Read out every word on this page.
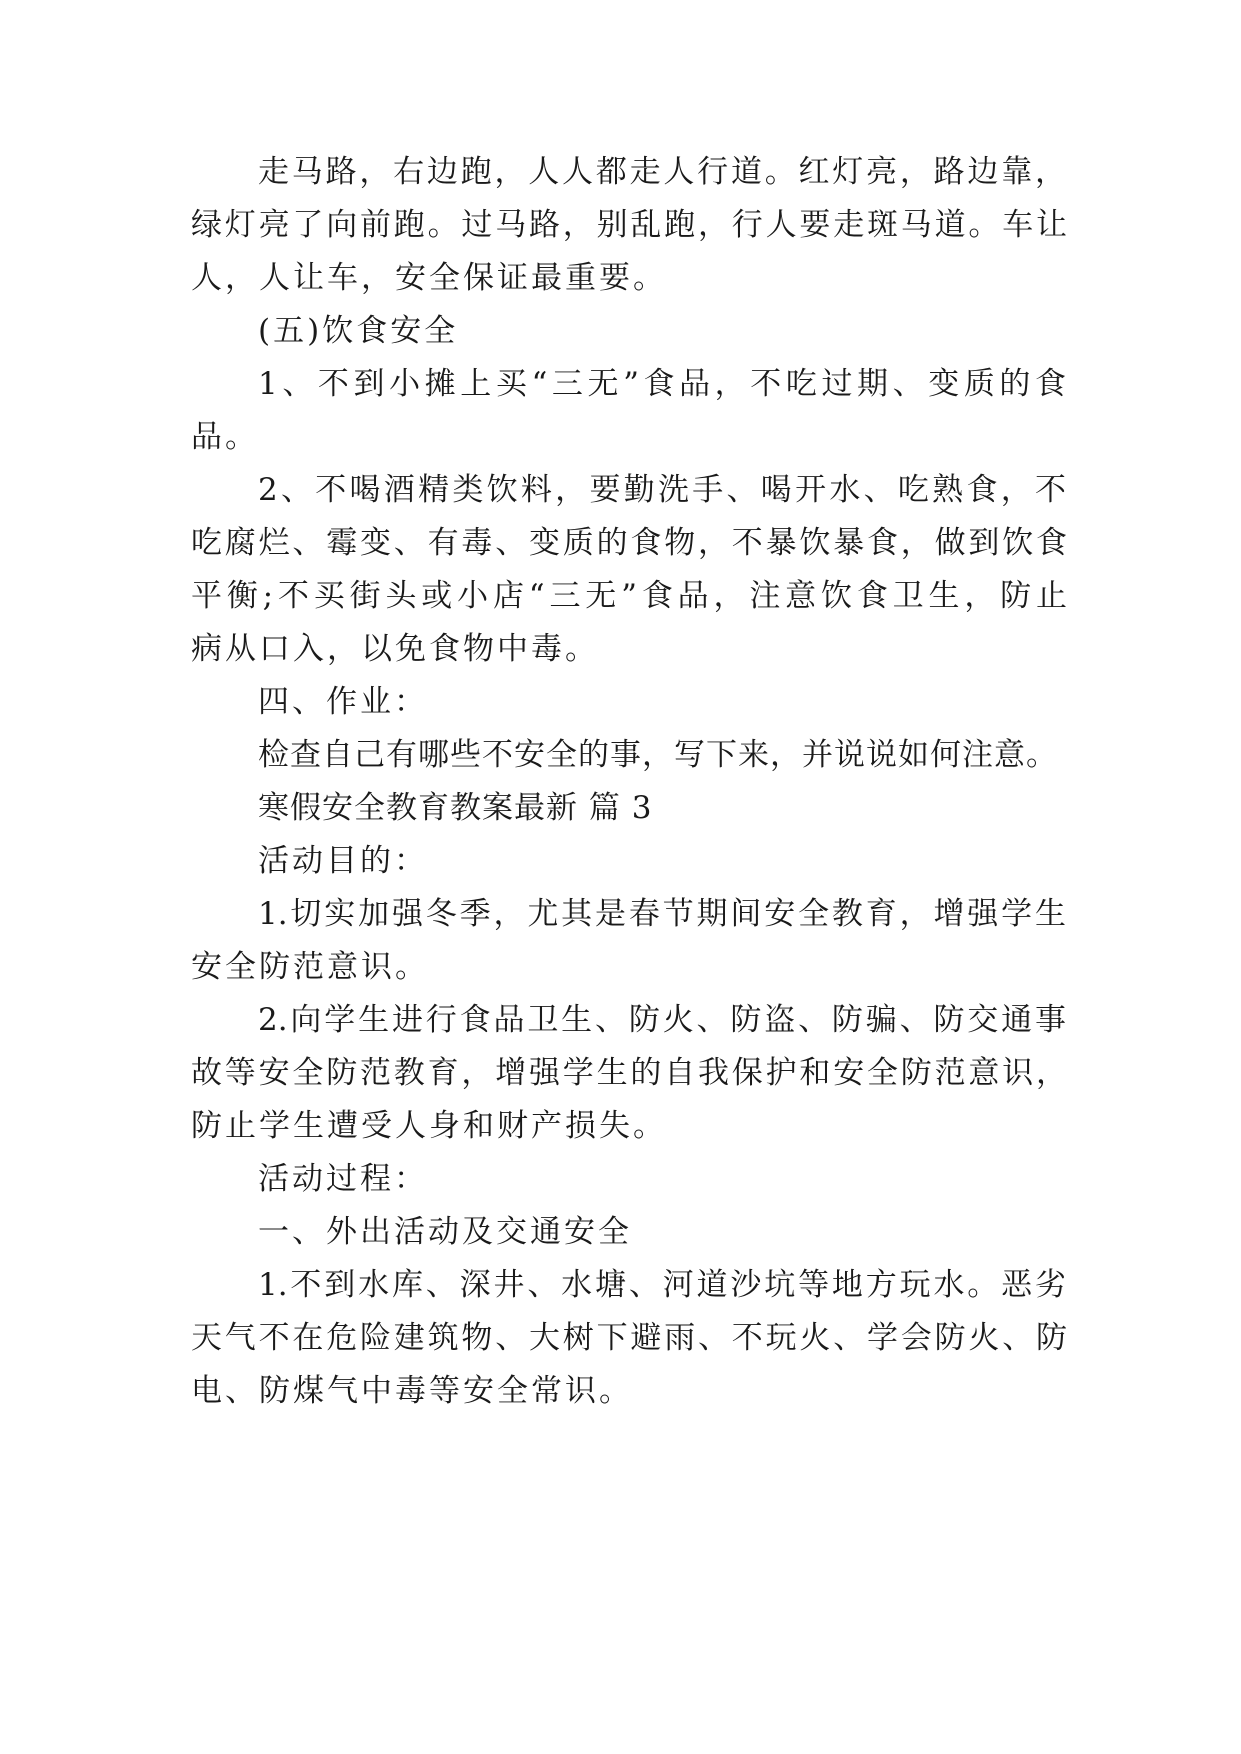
走马路，右边跑，人人都走人行道。红灯亮，路边靠，
绿灯亮了向前跑。过马路，别乱跑，行人要走斑马道。车让
人，人让车，安全保证最重要。
(五)饮食安全
1、不到小摊上买“三无”食品，不吃过期、变质的食
品。
2、不喝酒精类饮料，要勤洗手、喝开水、吃熟食，不
吃腐烂、霉变、有毒、变质的食物，不暴饮暴食，做到饮食
平衡;不买街头或小店“三无”食品，注意饮食卫生，防止
病从口入，以免食物中毒。
四、作业：
检查自己有哪些不安全的事，写下来，并说说如何注意。
寒假安全教育教案最新 篇 3
活动目的：
1.切实加强冬季，尤其是春节期间安全教育，增强学生
安全防范意识。
2.向学生进行食品卫生、防火、防盗、防骗、防交通事
故等安全防范教育，增强学生的自我保护和安全防范意识，
防止学生遭受人身和财产损失。
活动过程：
一、外出活动及交通安全
1.不到水库、深井、水塘、河道沙坑等地方玩水。恶劣
天气不在危险建筑物、大树下避雨、不玩火、学会防火、防
电、防煤气中毒等安全常识。
